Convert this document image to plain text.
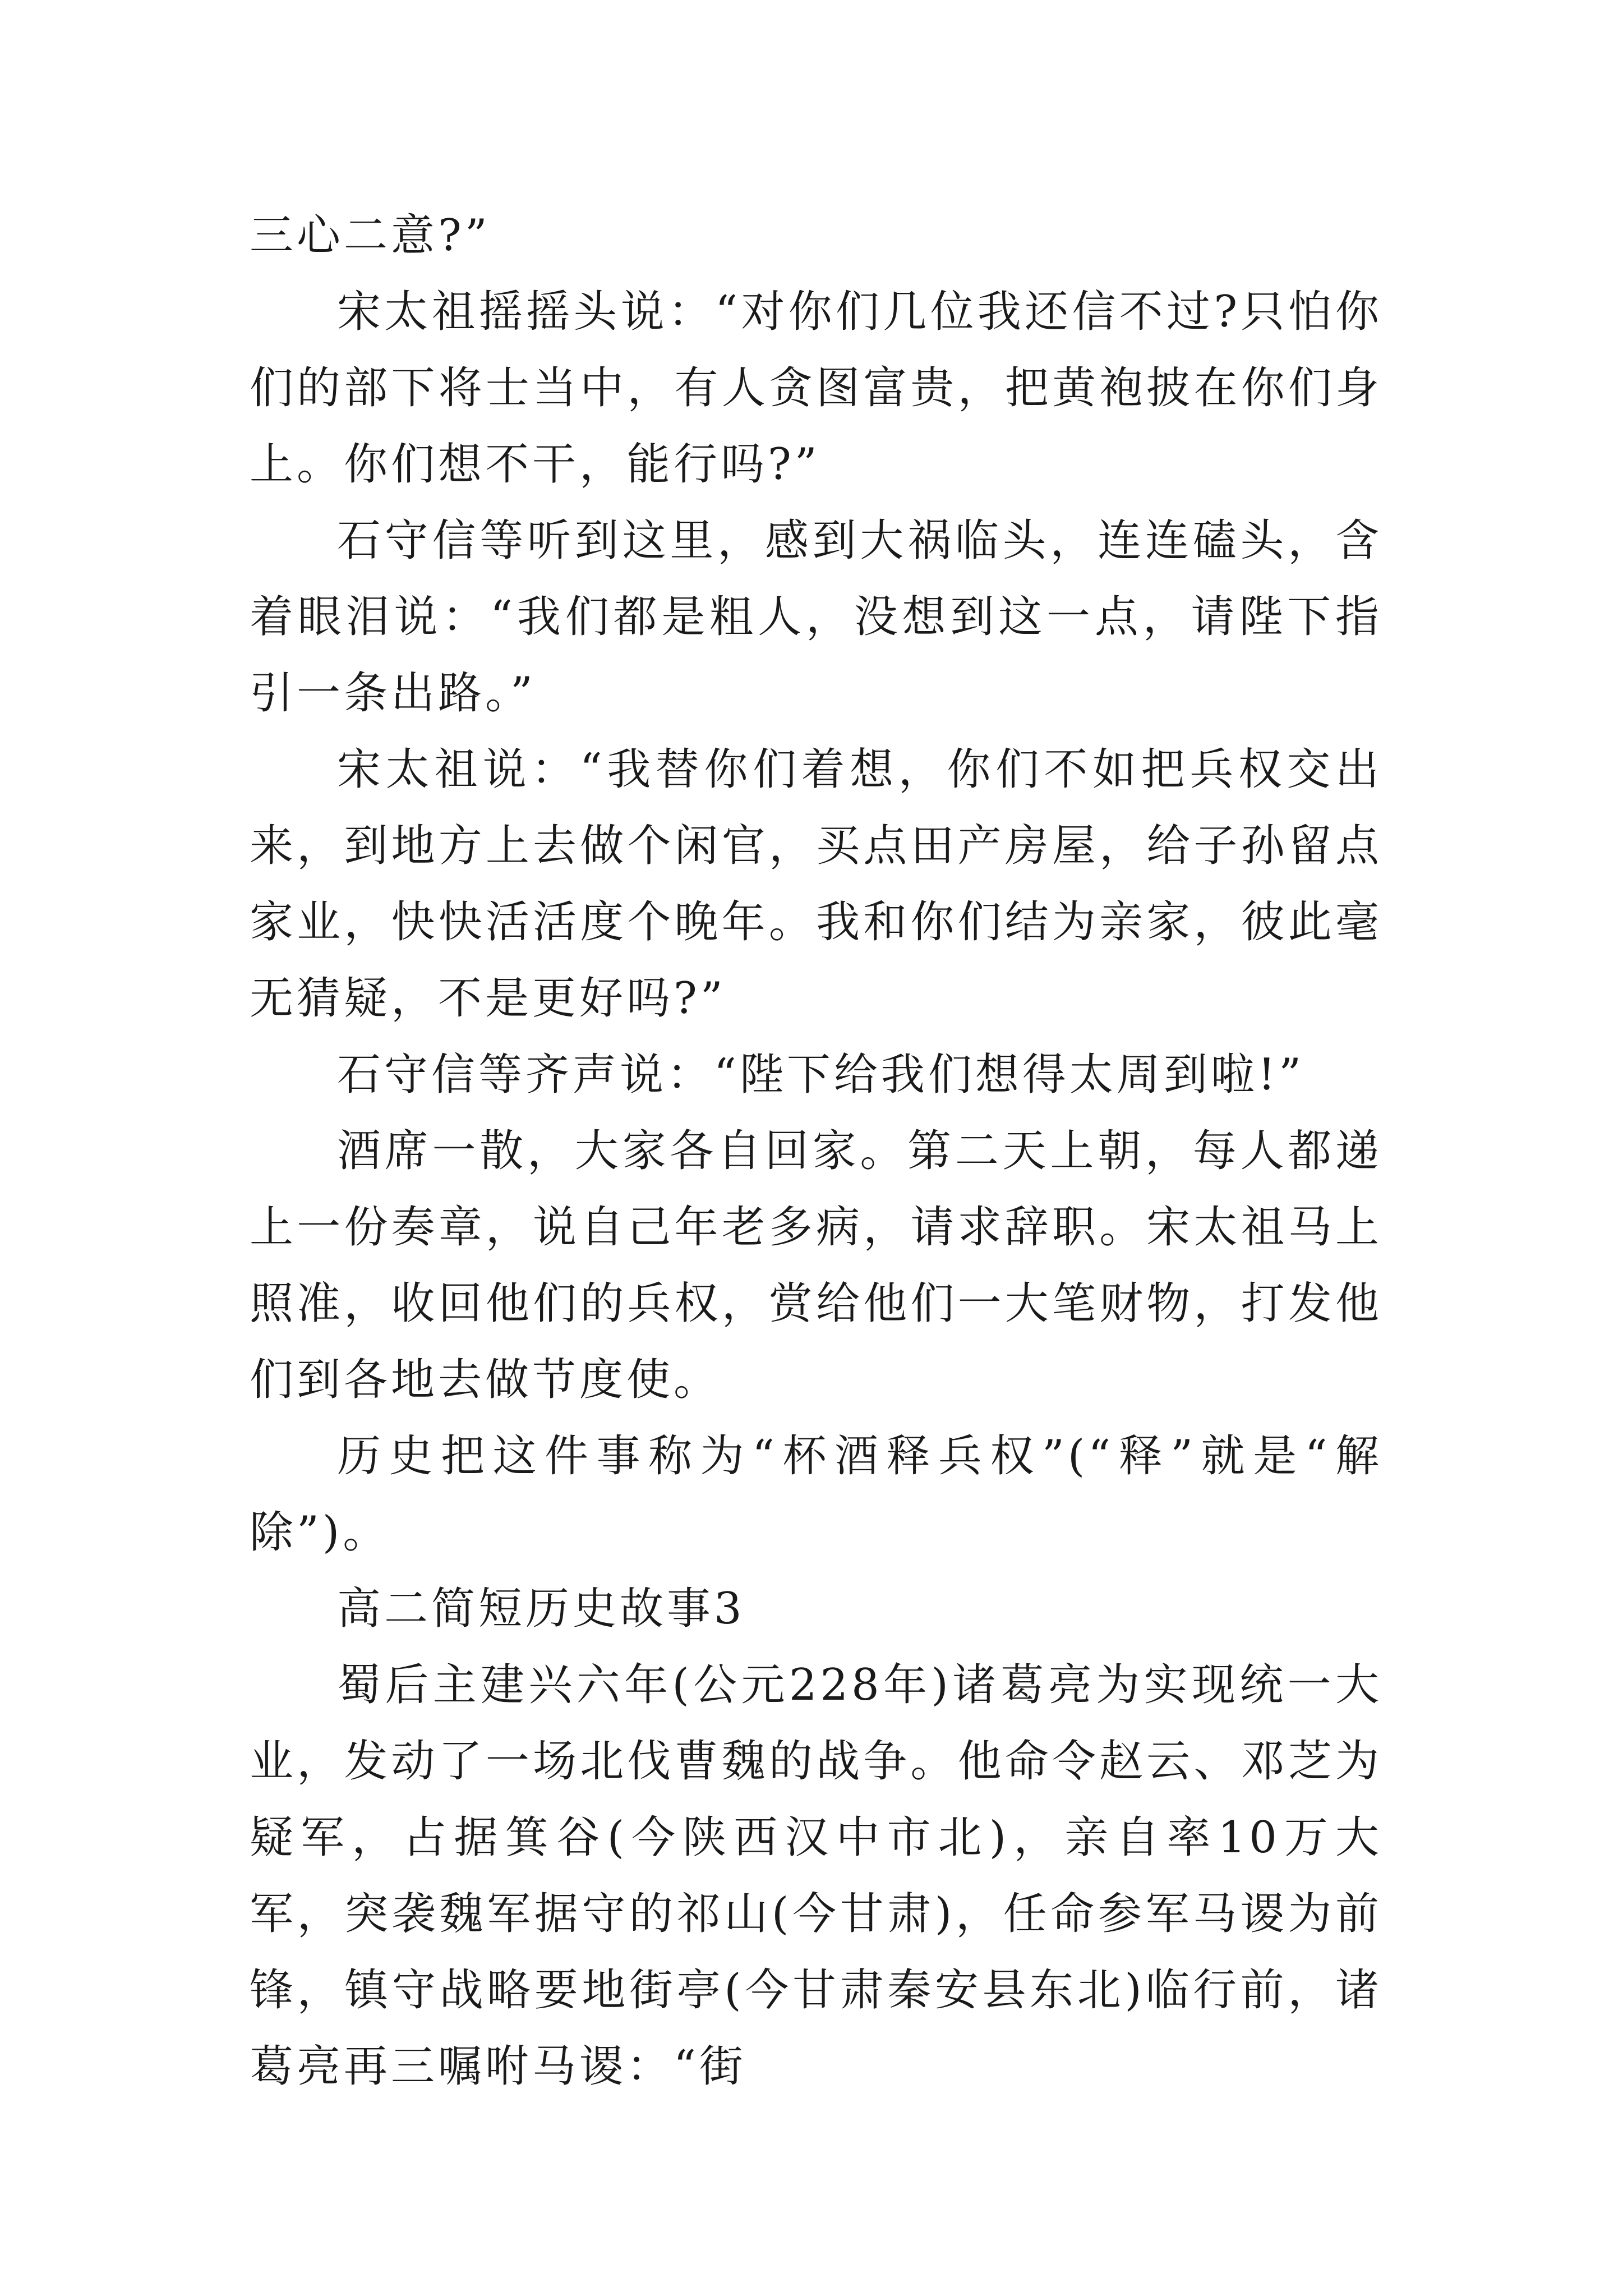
三心二意?”

宋太祖摇摇头说：“对你们几位我还信不过?只怕你们的部下将士当中，有人贪图富贵，把黄袍披在你们身上。你们想不干，能行吗?”

石守信等听到这里，感到大祸临头，连连磕头，含着眼泪说：“我们都是粗人，没想到这一点，请陛下指引一条出路。”

宋太祖说：“我替你们着想，你们不如把兵权交出来，到地方上去做个闲官，买点田产房屋，给子孙留点家业，快快活活度个晚年。我和你们结为亲家，彼此毫无猜疑，不是更好吗?”

石守信等齐声说：“陛下给我们想得太周到啦!”

酒席一散，大家各自回家。第二天上朝，每人都递上一份奏章，说自己年老多病，请求辞职。宋太祖马上照准，收回他们的兵权，赏给他们一大笔财物，打发他们到各地去做节度使。

历史把这件事称为“杯酒释兵权”(“释”就是“解除”)。

高二简短历史故事3

蜀后主建兴六年(公元228年)诸葛亮为实现统一大业，发动了一场北伐曹魏的战争。他命令赵云、邓芝为疑军，占据箕谷(今陕西汉中市北)，亲自率10万大军，突袭魏军据守的祁山(今甘肃)，任命参军马谡为前锋，镇守战略要地街亭(今甘肃秦安县东北)临行前，诸葛亮再三嘱咐马谡：“街
